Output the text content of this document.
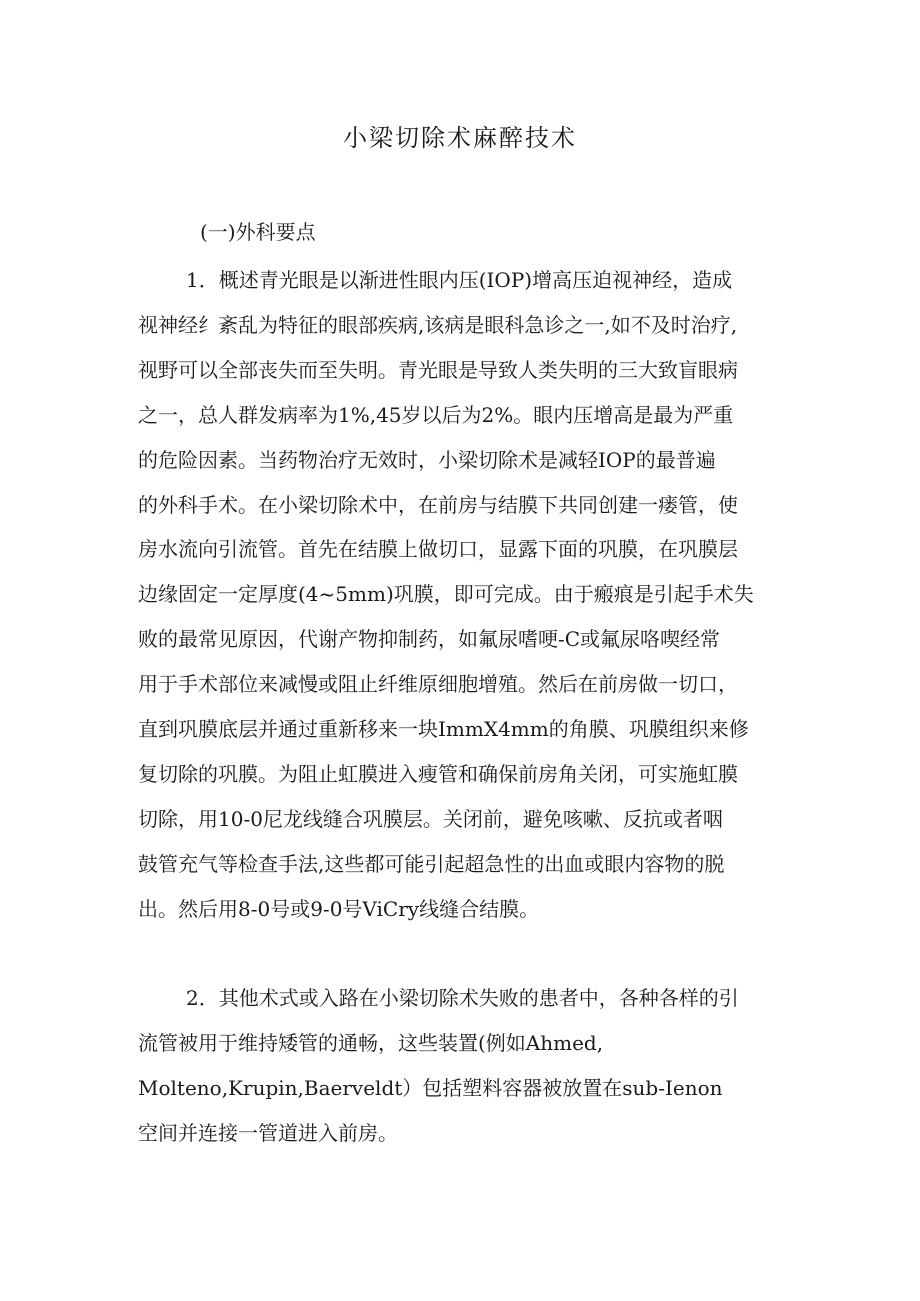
小梁切除术麻醉技术
(一)外科要点
1．概述青光眼是以渐进性眼内压(IOP)增高压迫视神经，造成
视神经纟紊乱为特征的眼部疾病,该病是眼科急诊之一,如不及时治疗,
视野可以全部丧失而至失明。青光眼是导致人类失明的三大致盲眼病
之一，总人群发病率为1%,45岁以后为2%。眼内压增高是最为严重
的危险因素。当药物治疗无效时，小梁切除术是减轻IOP的最普遍
的外科手术。在小梁切除术中，在前房与结膜下共同创建一瘘管，使
房水流向引流管。首先在结膜上做切口，显露下面的巩膜，在巩膜层
边缘固定一定厚度(4~5mm)巩膜，即可完成。由于瘢痕是引起手术失
败的最常见原因，代谢产物抑制药，如氟尿嗜哽-C或氟尿咯喫经常
用于手术部位来减慢或阻止纤维原细胞增殖。然后在前房做一切口，
直到巩膜底层并通过重新移来一块ImmX4mm的角膜、巩膜组织来修
复切除的巩膜。为阻止虹膜进入瘦管和确保前房角关闭，可实施虹膜
切除，用10-0尼龙线缝合巩膜层。关闭前，避免咳嗽、反抗或者咽
鼓管充气等检查手法,这些都可能引起超急性的出血或眼内容物的脱
出。然后用8-0号或9-0号ViCry线缝合结膜。
2．其他术式或入路在小梁切除术失败的患者中，各种各样的引
流管被用于维持矮管的通畅，这些装置(例如Ahmed,
Molteno,Krupin,Baerveldt）包括塑料容器被放置在sub-Ienon
空间并连接一管道进入前房。
